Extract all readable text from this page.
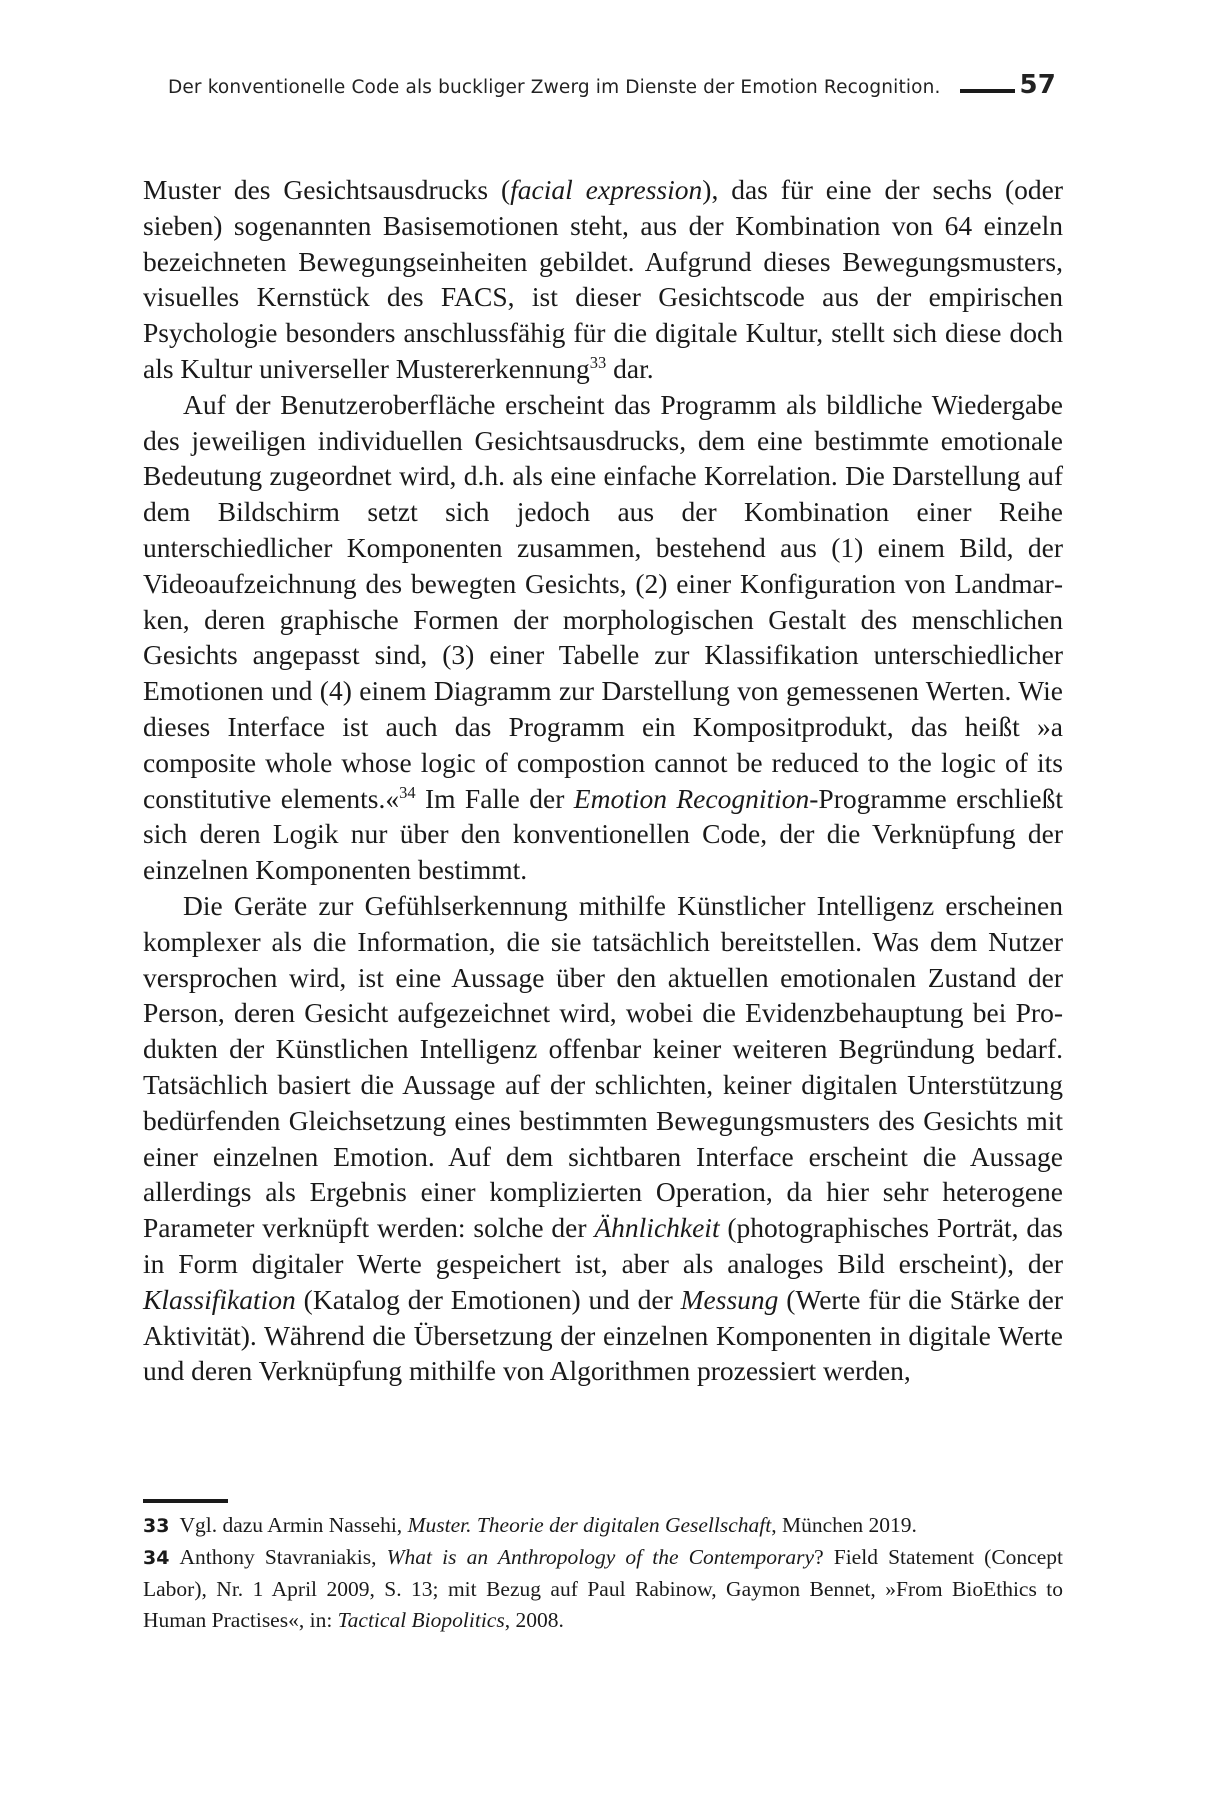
Der konventionelle Code als buckliger Zwerg im Dienste der Emotion Recognition.	57

Muster des Gesichtsausdrucks (facial expression), das für eine der sechs (oder sieben) sogenannten Basisemotionen steht, aus der Kombination von 64 einzeln bezeichneten Bewegungseinheiten gebildet. Aufgrund dieses Bewegungsmusters, visuelles Kernstück des FACS, ist dieser Gesichtscode aus der empirischen Psychologie besonders anschlussfähig für die digitale Kultur, stellt sich diese doch als Kultur universeller Mustererkennung$^{33}$ dar.

Auf der Benutzeroberfläche erscheint das Programm als bildliche Wiedergabe des jeweiligen individuellen Gesichtsausdrucks, dem eine bestimmte emotionale Bedeutung zugeordnet wird, d.h. als eine einfache Korrelation. Die Darstellung auf dem Bildschirm setzt sich jedoch aus der Kombination einer Reihe unterschiedlicher Komponenten zusammen, bestehend aus (1) einem Bild, der Videoaufzeichnung des bewegten Gesichts, (2) einer Konfiguration von Landmarken, deren graphische Formen der morphologischen Gestalt des menschlichen Gesichts angepasst sind, (3) einer Tabelle zur Klassifikation unterschiedlicher Emotionen und (4) einem Diagramm zur Darstellung von gemessenen Werten. Wie dieses Interface ist auch das Programm ein Kompositprodukt, das heißt »a composite whole whose logic of compostion cannot be reduced to the logic of its constitutive elements.«$^{34}$ Im Falle der Emotion Recognition-Programme erschließt sich deren Logik nur über den konventionellen Code, der die Verknüpfung der einzelnen Komponenten bestimmt.

Die Geräte zur Gefühlserkennung mithilfe Künstlicher Intelligenz erscheinen komplexer als die Information, die sie tatsächlich bereitstellen. Was dem Nutzer versprochen wird, ist eine Aussage über den aktuellen emotionalen Zustand der Person, deren Gesicht aufgezeichnet wird, wobei die Evidenzbehauptung bei Produkten der Künstlichen Intelligenz offenbar keiner weiteren Begründung bedarf. Tatsächlich basiert die Aussage auf der schlichten, keiner digitalen Unterstützung bedürfenden Gleichsetzung eines bestimmten Bewegungsmusters des Gesichts mit einer einzelnen Emotion. Auf dem sichtbaren Interface erscheint die Aussage allerdings als Ergebnis einer komplizierten Operation, da hier sehr heterogene Parameter verknüpft werden: solche der Ähnlichkeit (photographisches Porträt, das in Form digitaler Werte gespeichert ist, aber als analoges Bild erscheint), der Klassifikation (Katalog der Emotionen) und der Messung (Werte für die Stärke der Aktivität). Während die Übersetzung der einzelnen Komponenten in digitale Werte und deren Verknüpfung mithilfe von Algorithmen prozessiert werden,

33 Vgl. dazu Armin Nassehi, Muster. Theorie der digitalen Gesellschaft, München 2019.

34 Anthony Stavraniakis, What is an Anthropology of the Contemporary? Field Statement (Concept Labor), Nr. 1 April 2009, S. 13; mit Bezug auf Paul Rabinow, Gaymon Bennet, »From BioEthics to Human Practises«, in: Tactical Biopolitics, 2008.
